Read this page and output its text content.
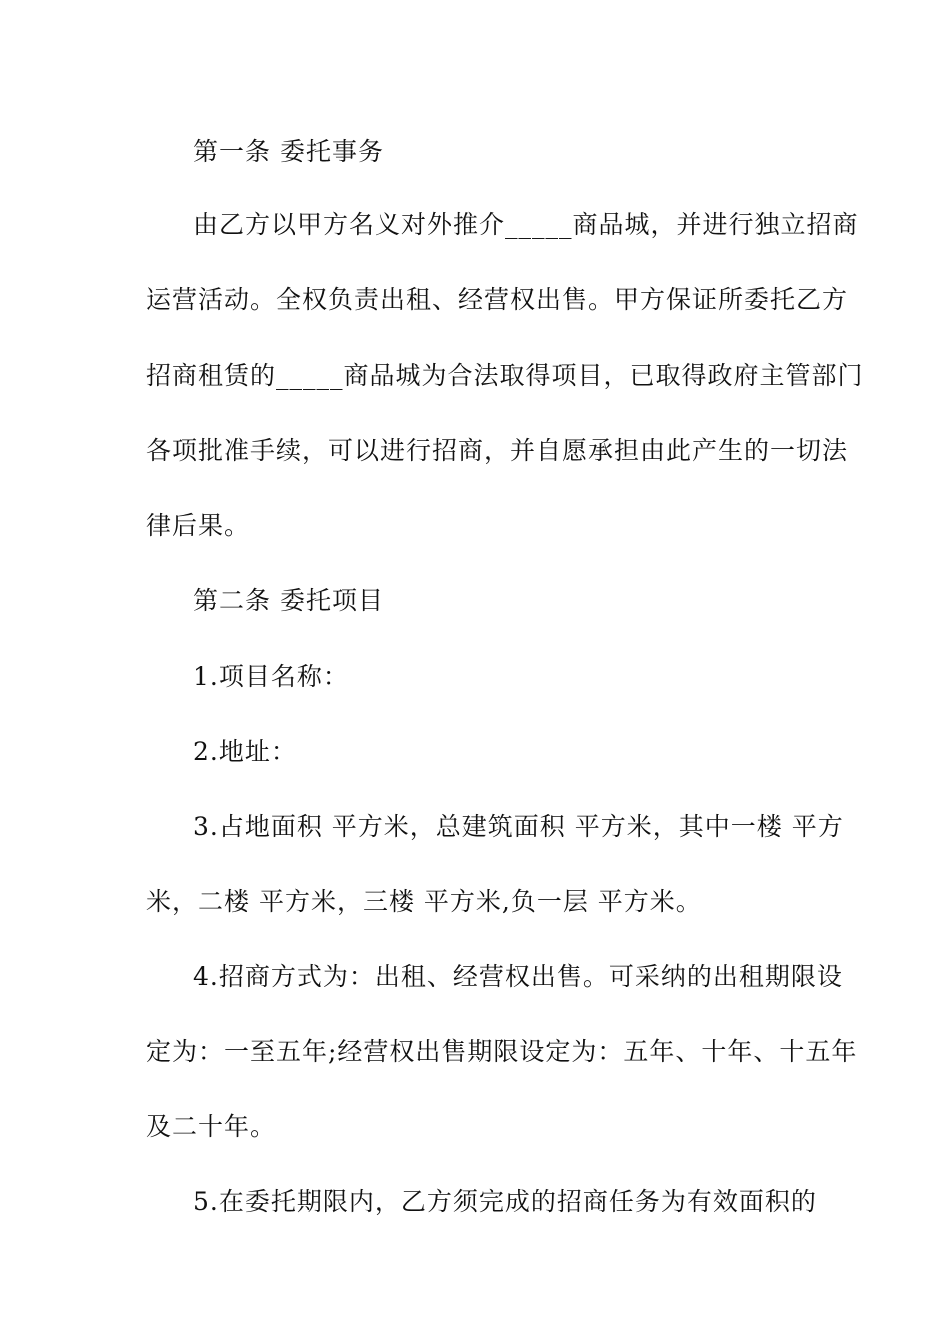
第一条 委托事务
由乙方以甲方名义对外推介_____商品城，并进行独立招商
运营活动。全权负责出租、经营权出售。甲方保证所委托乙方
招商租赁的_____商品城为合法取得项目，已取得政府主管部门
各项批准手续，可以进行招商，并自愿承担由此产生的一切法
律后果。
第二条 委托项目
1.项目名称：
2.地址：
3.占地面积 平方米，总建筑面积 平方米，其中一楼 平方
米，二楼 平方米，三楼 平方米,负一层 平方米。
4.招商方式为：出租、经营权出售。可采纳的出租期限设
定为：一至五年;经营权出售期限设定为：五年、十年、十五年
及二十年。
5.在委托期限内，乙方须完成的招商任务为有效面积的
